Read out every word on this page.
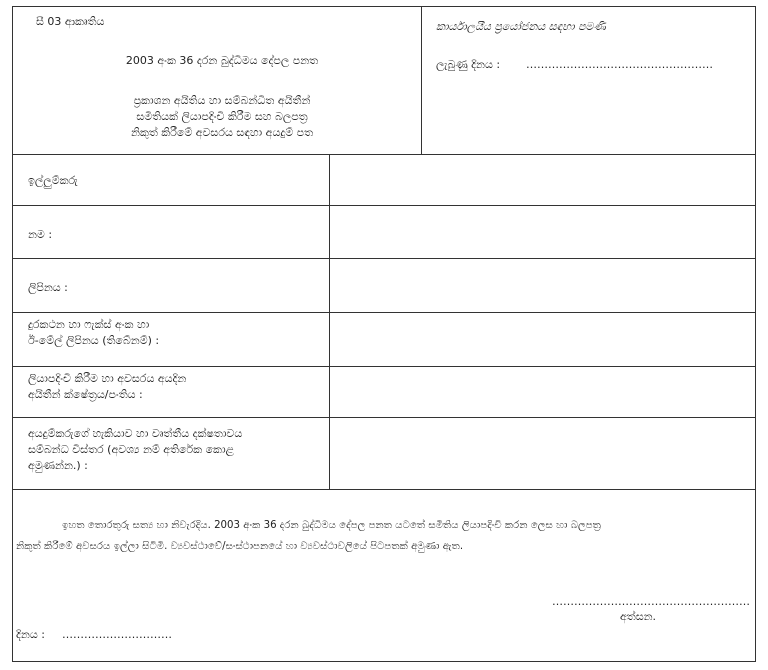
සී 03 ආකෘතිය
2003 අංක 36 දරන බුද්ධිමය දේපල පනත
ප්‍රකාශන අයිතිය හා සම්බන්ධිත අයිතීන්
සමිතියක් ලියාපදිංචි කිරීම සහ බලපත්‍ර
නිකුත් කිරීමේ අවසරය සඳහා අයදුම් පත
කාර්යාලයීය ප්‍රයෝජනය සඳහා පමණි
ලැබුණු දිනය : ……………………………………………
ඉල්ලුම්කරු
නම :
ලිපිනය :
දුරකථන හා ෆැක්ස් අංක හා
ඊ-මේල් ලිපිනය (තිබේනම්) :
ලියාපදිංචි කිරීම හා අවසරය අයදින
අයිතීන් ක්ෂේත්‍රය/පංතිය :
අයදුම්කරුගේ හැකියාව හා වෘත්තීය දක්ෂතාවය
සම්බන්ධ විස්තර (අවශ්‍ය නම් අතිරේක කොළ
අමුණන්න.) :
ඉහත තොරතුරු සත්‍ය හා නිවැරදිය. 2003 අංක 36 දරන බුද්ධිමය දේපල පනත යටතේ සමිතිය ලියාපදිංචි කරන ලෙස හා බලපත්‍ර
නිකුත් කිරීමේ අවසරය ඉල්ලා සිටිමි. ව්‍යවස්ථාවේ/සංස්ථාපනයේ හා ව්‍යවස්ථාවලියේ පිටපතක් අමුණා ඇත.
………………………………………………
අත්සන.
දිනය : …………………………
